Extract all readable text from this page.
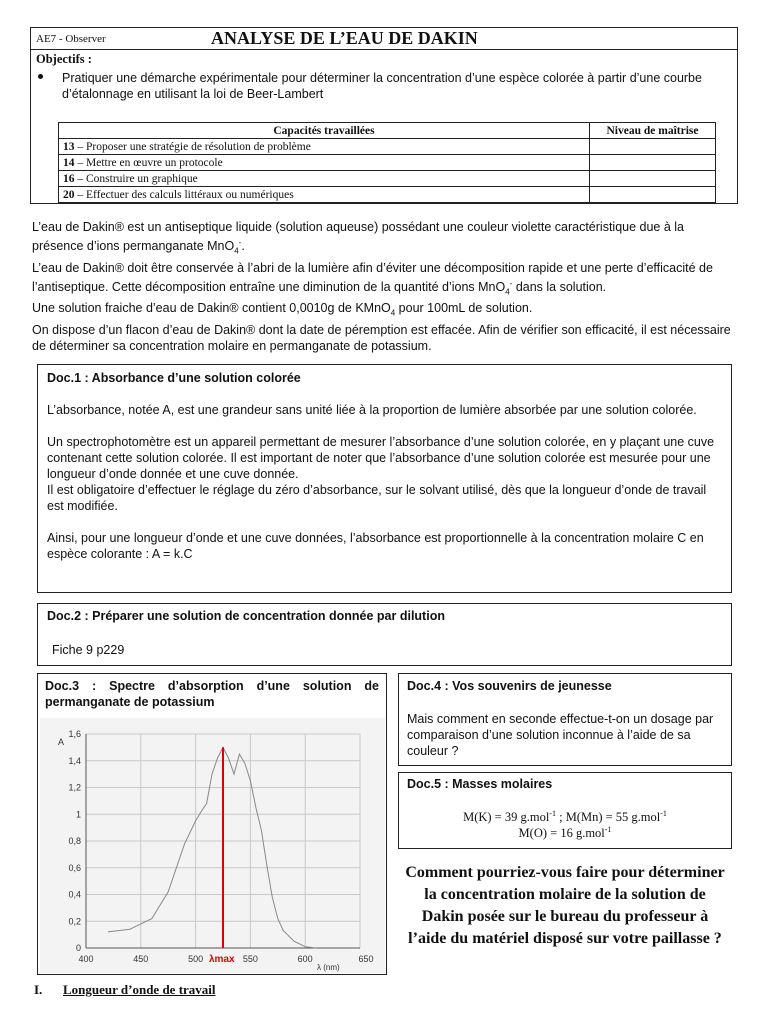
AE7 - Observer	ANALYSE DE L’EAU DE DAKIN
Objectifs :
Pratiquer une démarche expérimentale pour déterminer la concentration d’une espèce colorée à partir d’une courbe d’étalonnage en utilisant la loi de Beer-Lambert
Capacités travaillées	Niveau de maîtrise
13 – Proposer une stratégie de résolution de problème	
14 – Mettre en œuvre un protocole	
16 – Construire un graphique	
20 – Effectuer des calculs littéraux ou numériques	

L’eau de Dakin® est un antiseptique liquide (solution aqueuse) possédant une couleur violette caractéristique due à la présence d’ions permanganate MnO$_4$-.

L’eau de Dakin® doit être conservée à l’abri de la lumière afin d’éviter une décomposition rapide et une perte d’efficacité de l’antiseptique. Cette décomposition entraîne une diminution de la quantité d’ions MnO$_4$- dans la solution.

Une solution fraiche d’eau de Dakin® contient 0,0010g de KMnO$_4$ pour 100mL de solution.

On dispose d’un flacon d’eau de Dakin® dont la date de péremption est effacée. Afin de vérifier son efficacité, il est nécessaire de déterminer sa concentration molaire en permanganate de potassium.

Doc.1 : Absorbance d’une solution colorée

L’absorbance, notée A, est une grandeur sans unité liée à la proportion de lumière absorbée par une solution colorée.

Un spectrophotomètre est un appareil permettant de mesurer l’absorbance d’une solution colorée, en y plaçant une cuve contenant cette solution colorée. Il est important de noter que l’absorbance d’une solution colorée est mesurée pour une longueur d’onde donnée et une cuve donnée.

Il est obligatoire d’effectuer le réglage du zéro d’absorbance, sur le solvant utilisé, dès que la longueur d’onde de travail est modifiée.

Ainsi, pour une longueur d’onde et une cuve données, l’absorbance est proportionnelle à la concentration molaire C en espèce colorante : A = k.C

Doc.2 : Préparer une solution de concentration donnée par dilution
Fiche 9 p229
Doc.3 : Spectre d’absorption d’une solution de permanganate de potassium
0
0,2
0,4
0,6
0,8
1
1,2
1,4
1,6
400	450	500	550	600	650
A
λ (nm)
λmax
Doc.4 : Vos souvenirs de jeunesse
Mais comment en seconde effectue-t-on un dosage par comparaison d’une solution inconnue à l’aide de sa couleur ?
Doc.5 : Masses molaires
M(K) = 39 g.mol$^{-1}$ ; M(Mn) = 55 g.mol$^{-1}$
M(O) = 16 g.mol$^{-1}$
Comment pourriez-vous faire pour déterminer la concentration molaire de la solution de Dakin posée sur le bureau du professeur à l’aide du matériel disposé sur votre paillasse ?
I. Longueur d’onde de travail
